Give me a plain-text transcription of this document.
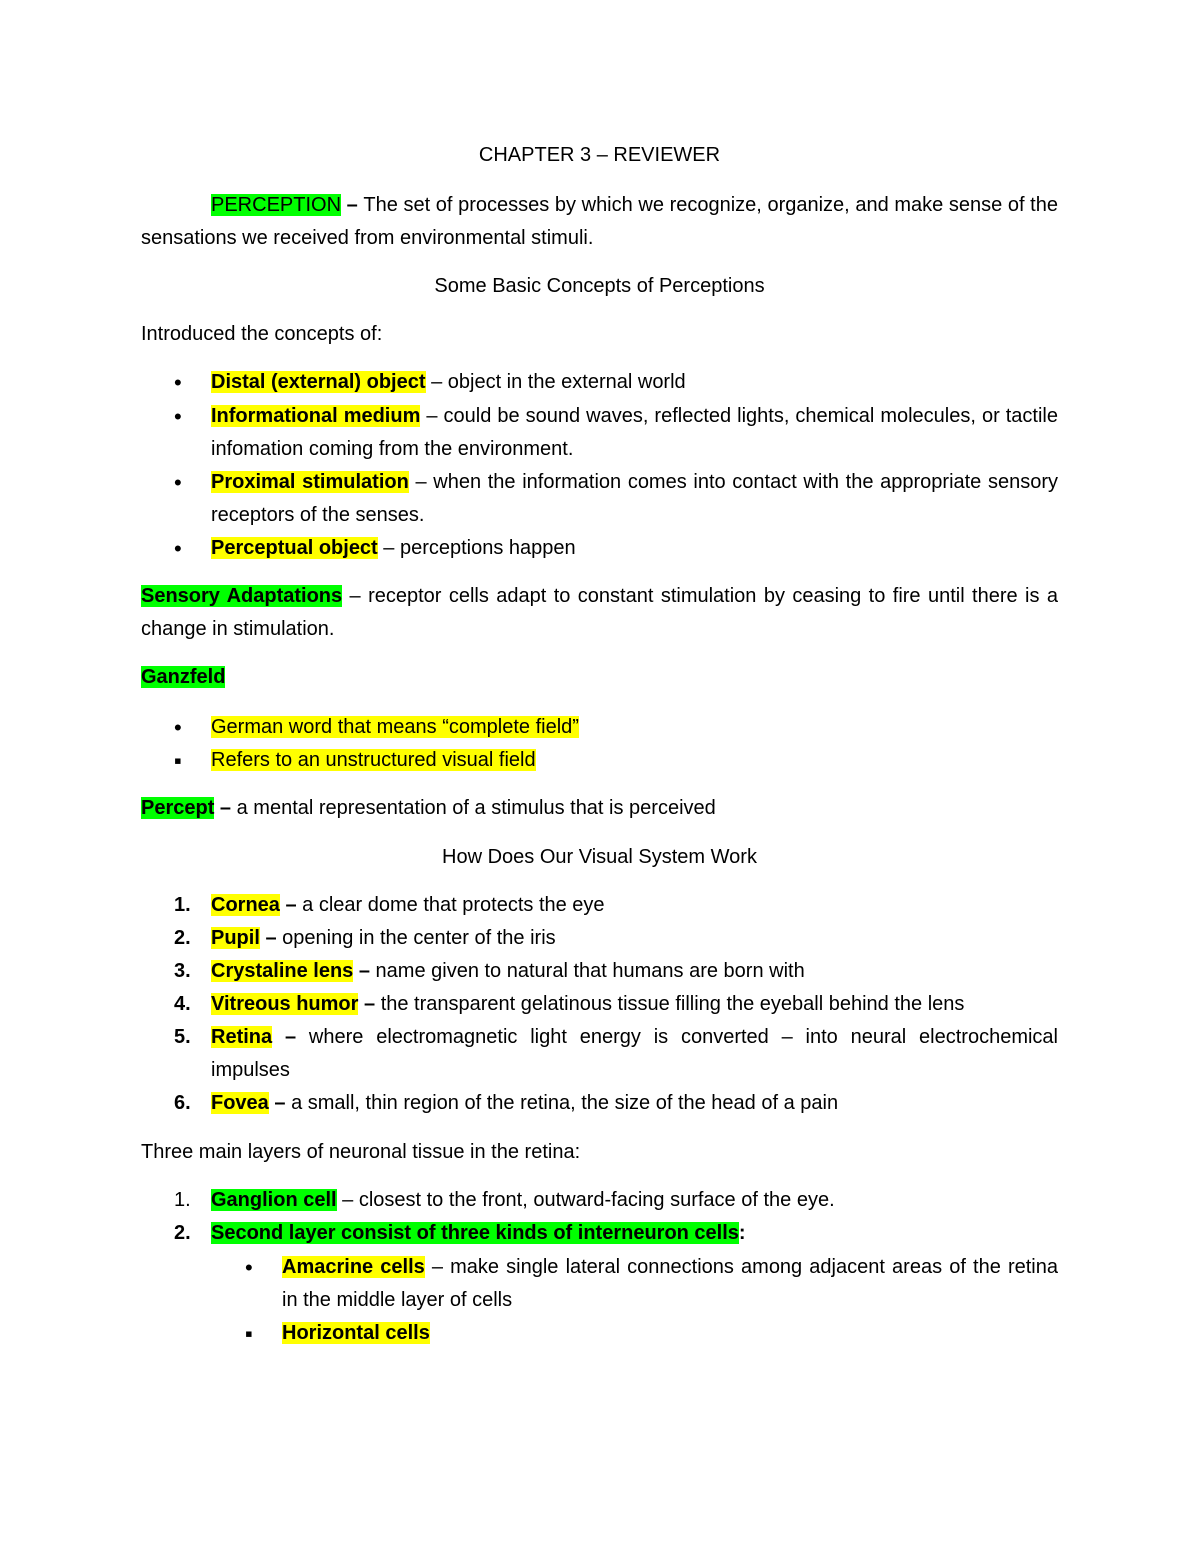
CHAPTER 3 – REVIEWER

PERCEPTION – The set of processes by which we recognize, organize, and make sense of the sensations we received from environmental stimuli.

Some Basic Concepts of Perceptions

Introduced the concepts of:

• Distal (external) object – object in the external world

• Informational medium – could be sound waves, reflected lights, chemical molecules, or tactile infomation coming from the environment.

• Proximal stimulation – when the information comes into contact with the appropriate sensory receptors of the senses.

• Perceptual object – perceptions happen

Sensory Adaptations – receptor cells adapt to constant stimulation by ceasing to fire until there is a change in stimulation.

Ganzfeld

• German word that means “complete field”

▪ Refers to an unstructured visual field

Percept – a mental representation of a stimulus that is perceived

How Does Our Visual System Work

1. Cornea – a clear dome that protects the eye

2. Pupil – opening in the center of the iris

3. Crystaline lens – name given to natural that humans are born with

4. Vitreous humor – the transparent gelatinous tissue filling the eyeball behind the lens

5. Retina – where electromagnetic light energy is converted – into neural electrochemical impulses

6. Fovea – a small, thin region of the retina, the size of the head of a pain

Three main layers of neuronal tissue in the retina:

1. Ganglion cell – closest to the front, outward-facing surface of the eye.

2. Second layer consist of three kinds of interneuron cells:

• Amacrine cells – make single lateral connections among adjacent areas of the retina in the middle layer of cells

▪ Horizontal cells
